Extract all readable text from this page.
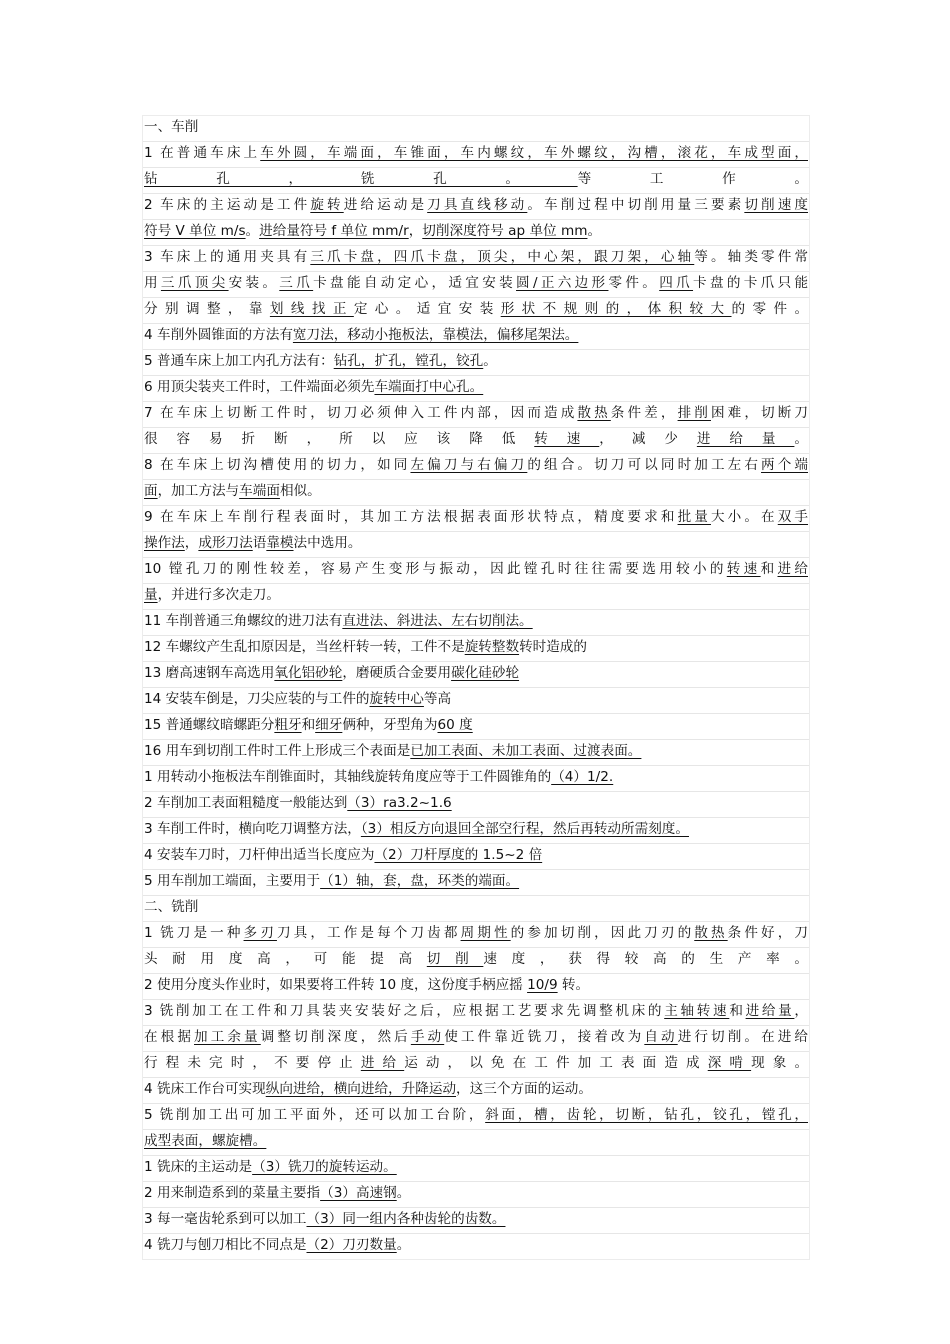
一、车削
1 在普通车床上车外圆，车端面，车锥面，车内螺纹，车外螺纹，沟槽，滚花，车成型面，
钻孔，铣孔。等工作。
2 车床的主运动是工件旋转进给运动是刀具直线移动。车削过程中切削用量三要素切削速度
符号 V 单位 m/s。进给量符号 f 单位 mm/r，切削深度符号 ap 单位 mm。
3 车床上的通用夹具有三爪卡盘，四爪卡盘，顶尖，中心架，跟刀架，心轴等。轴类零件常
用三爪顶尖安装。三爪卡盘能自动定心，适宜安装圆/正六边形零件。四爪卡盘的卡爪只能
分别调整，靠划线找正定心。适宜安装形状不规则的，体积较大的零件。
4 车削外圆锥面的方法有宽刀法，移动小拖板法，靠模法，偏移尾架法。
5 普通车床上加工内孔方法有：钻孔，扩孔，镗孔，铰孔。
6 用顶尖装夹工件时，工件端面必须先车端面打中心孔。
7 在车床上切断工件时，切刀必须伸入工件内部，因而造成散热条件差，排削困难，切断刀
很容易折断，所以应该降低转速，减少进给量。
8 在车床上切沟槽使用的切力，如同左偏刀与右偏刀的组合。切刀可以同时加工左右两个端
面，加工方法与车端面相似。
9 在车床上车削行程表面时，其加工方法根据表面形状特点，精度要求和批量大小。在双手
操作法，成形刀法语靠模法中选用。
10 镗孔刀的刚性较差，容易产生变形与振动，因此镗孔时往往需要选用较小的转速和进给
量，并进行多次走刀。
11 车削普通三角螺纹的进刀法有直进法、斜进法、左右切削法。
12 车螺纹产生乱扣原因是，当丝杆转一转，工件不是旋转整数转时造成的
13 磨高速钢车高选用氧化铝砂轮，磨硬质合金要用碳化硅砂轮
14 安装车倒是，刀尖应装的与工件的旋转中心等高
15 普通螺纹暗螺距分粗牙和细牙俩种，牙型角为60 度
16 用车到切削工件时工件上形成三个表面是已加工表面、未加工表面、过渡表面。
1 用转动小拖板法车削锥面时，其轴线旋转角度应等于工件圆锥角的（4）1/2.
2 车削加工表面粗糙度一般能达到（3）ra3.2~1.6
3 车削工件时，横向吃刀调整方法，（3）相反方向退回全部空行程，然后再转动所需刻度。
4 安装车刀时，刀杆伸出适当长度应为（2）刀杆厚度的 1.5~2 倍
5 用车削加工端面，主要用于（1）轴，套，盘，环类的端面。
二、铣削
1 铣刀是一种多刃刀具，工作是每个刀齿都周期性的参加切削，因此刀刃的散热条件好，刀
头耐用度高，可能提高切削速度，获得较高的生产率。
2 使用分度头作业时，如果要将工件转 10 度，这份度手柄应摇 10/9 转。
3 铣削加工在工件和刀具装夹安装好之后，应根据工艺要求先调整机床的主轴转速和进给量，
在根据加工余量调整切削深度，然后手动使工件靠近铣刀，接着改为自动进行切削。在进给
行程未完时，不要停止进给运动，以免在工件加工表面造成深啃现象。
4 铣床工作台可实现纵向进给，横向进给，升降运动，这三个方面的运动。
5 铣削加工出可加工平面外，还可以加工台阶，斜面，槽，齿轮，切断，钻孔，铰孔，镗孔，
成型表面，螺旋槽。
1 铣床的主运动是（3）铣刀的旋转运动。
2 用来制造系到的菜量主要指（3）高速钢。
3 每一毫齿轮系到可以加工（3）同一组内各种齿轮的齿数。
4 铣刀与刨刀相比不同点是（2）刀刃数量。
